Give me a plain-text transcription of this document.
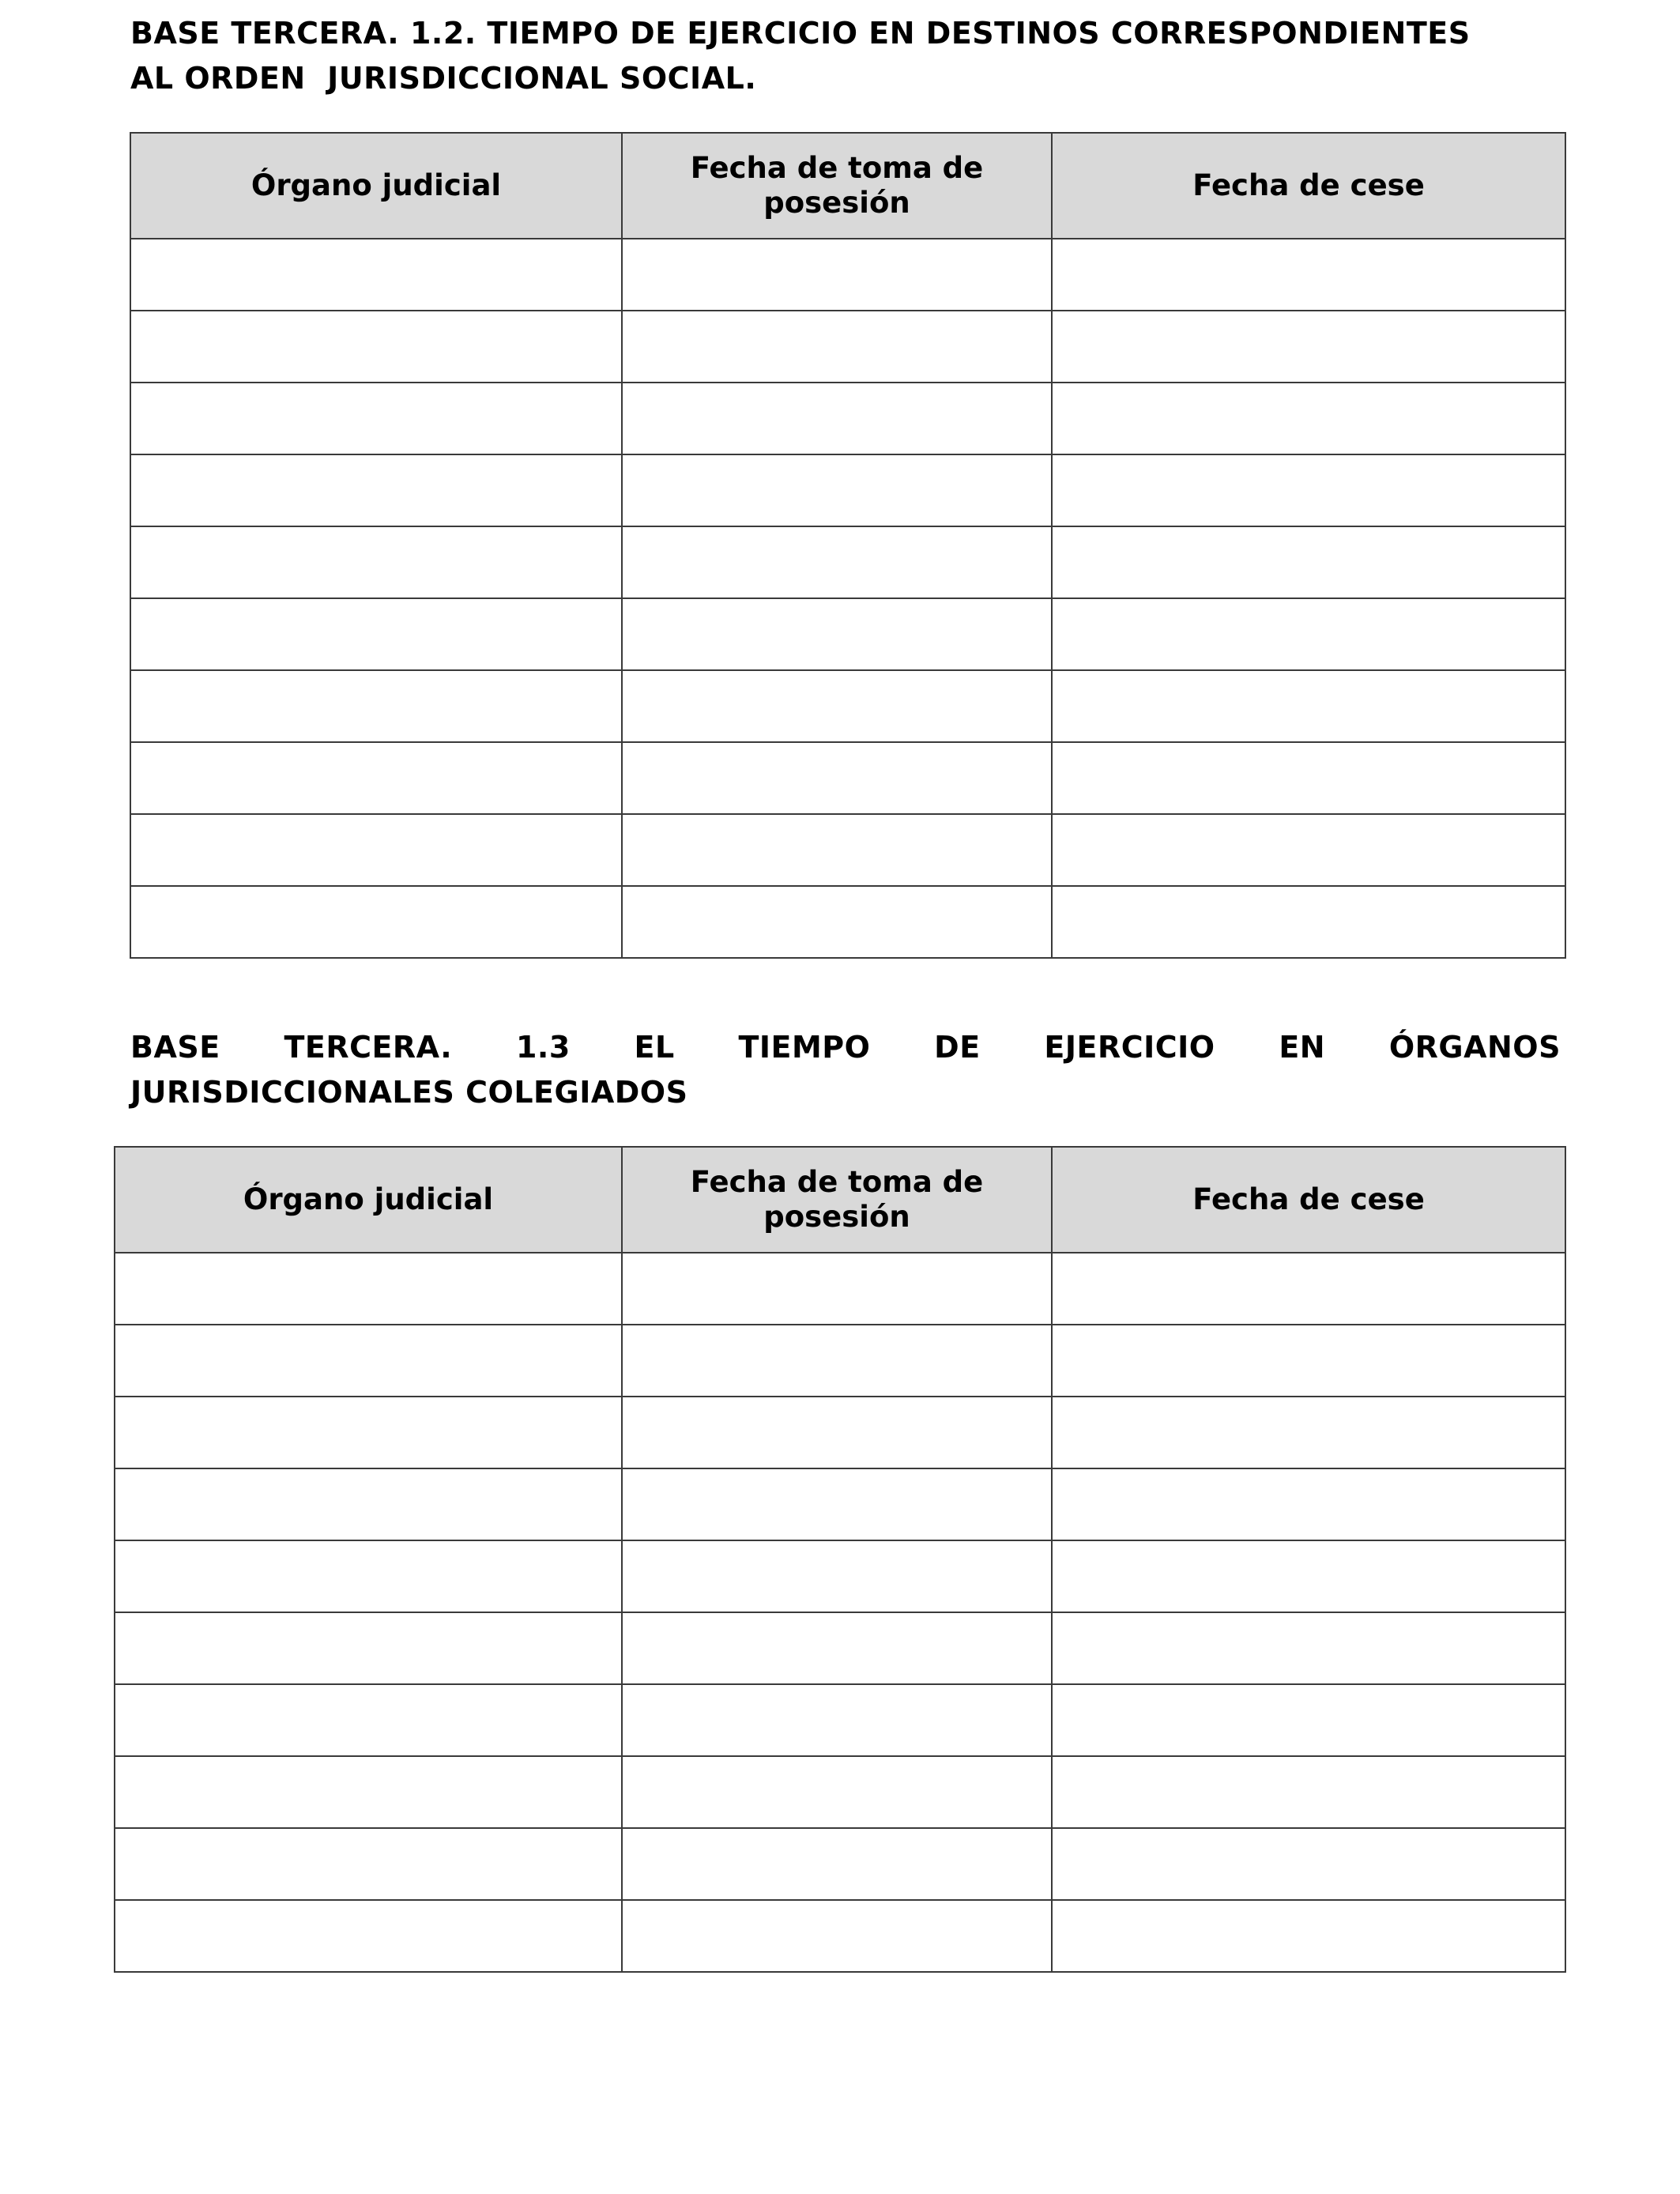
BASE TERCERA. 1.2. TIEMPO DE EJERCICIO EN DESTINOS CORRESPONDIENTES
AL ORDEN  JURISDICCIONAL SOCIAL.
Órgano judicial	Fecha de toma de posesión	Fecha de cese

BASE TERCERA. 1.3 EL TIEMPO DE EJERCICIO EN ÓRGANOS
JURISDICCIONALES COLEGIADOS
Órgano judicial	Fecha de toma de posesión	Fecha de cese
